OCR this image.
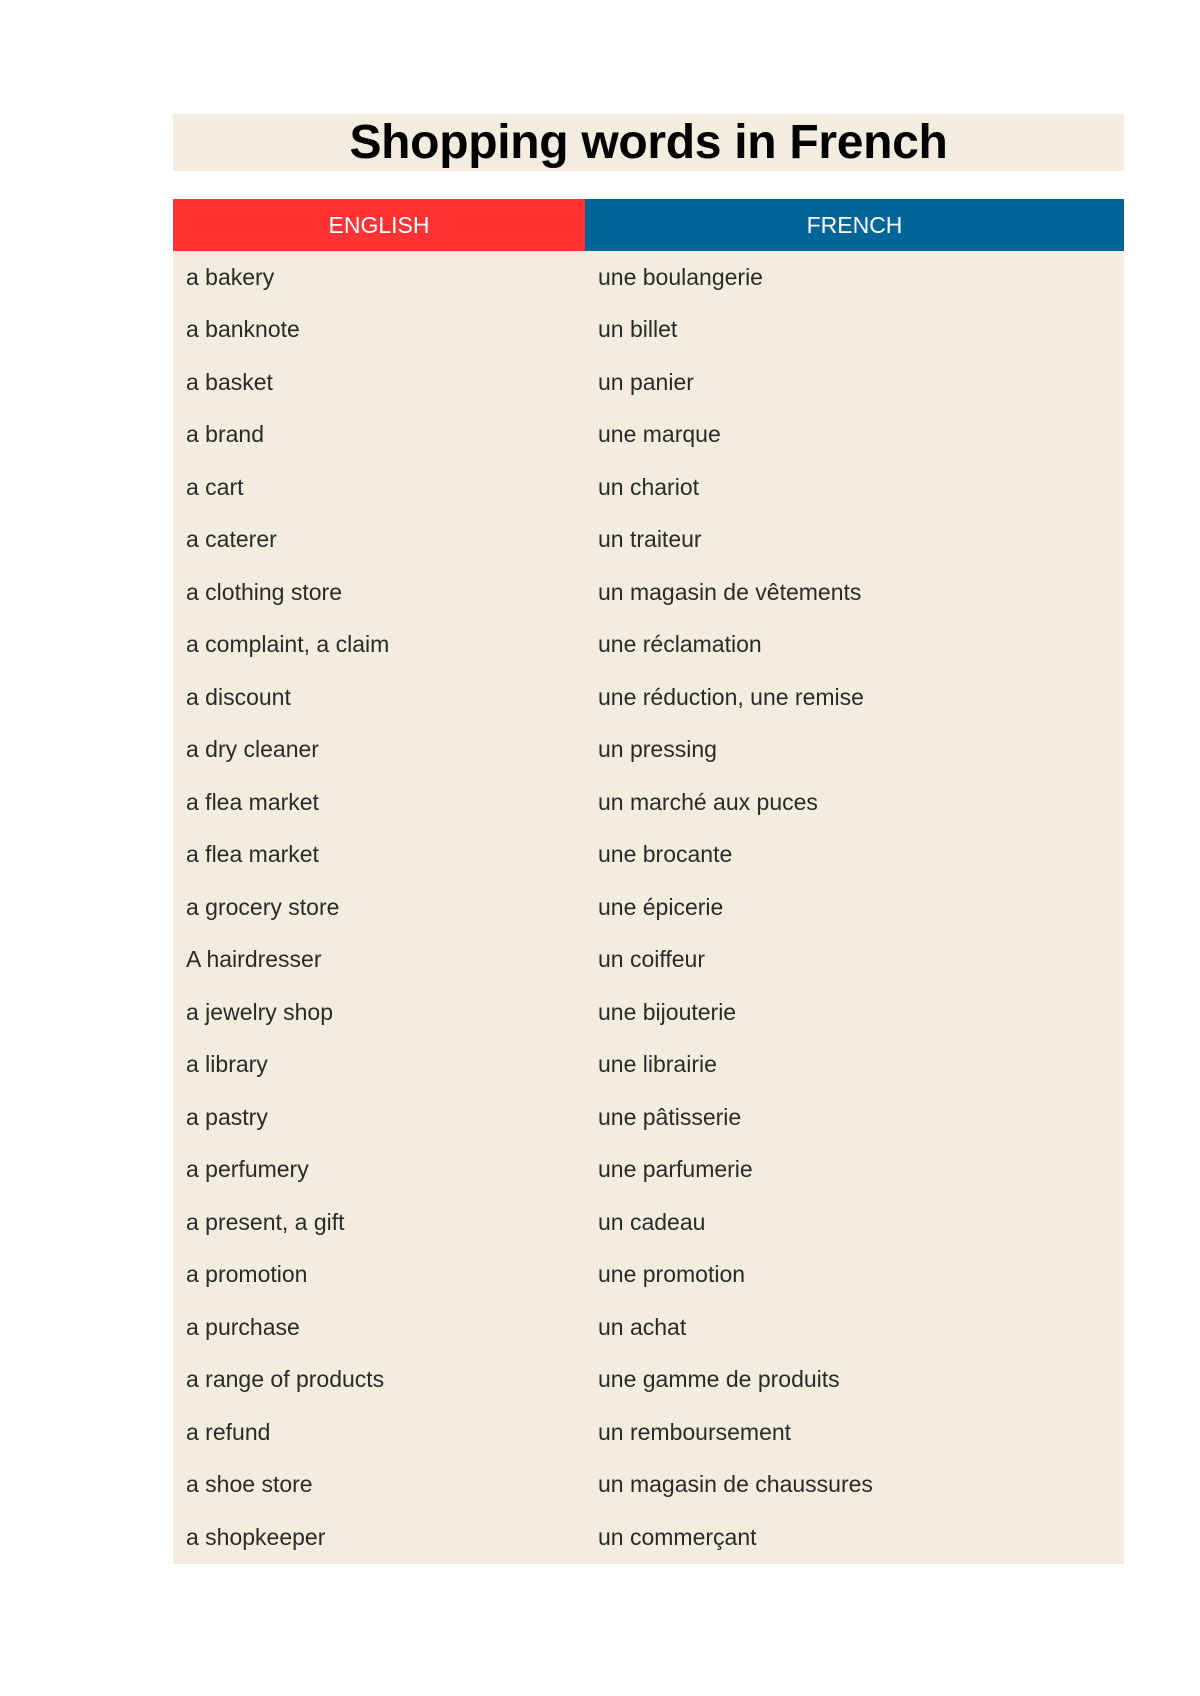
Shopping words in French
ENGLISH	FRENCH
a bakery	une boulangerie
a banknote	un billet
a basket	un panier
a brand	une marque
a cart	un chariot
a caterer	un traiteur
a clothing store	un magasin de vêtements
a complaint, a claim	une réclamation
a discount	une réduction, une remise
a dry cleaner	un pressing
a flea market	un marché aux puces
a flea market	une brocante
a grocery store	une épicerie
A hairdresser	un coiffeur
a jewelry shop	une bijouterie
a library	une librairie
a pastry	une pâtisserie
a perfumery	une parfumerie
a present, a gift	un cadeau
a promotion	une promotion
a purchase	un achat
a range of products	une gamme de produits
a refund	un remboursement
a shoe store	un magasin de chaussures
a shopkeeper	un commerçant
